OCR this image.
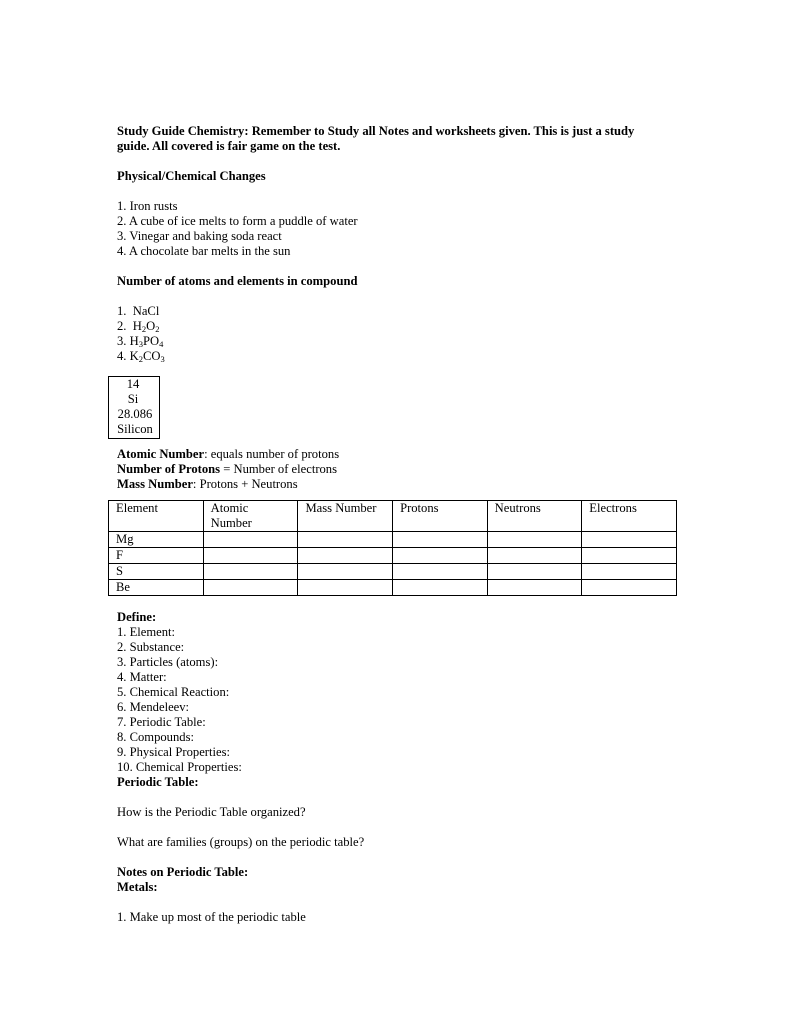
Study Guide Chemistry: Remember to Study all Notes and worksheets given. This is just a study

guide. All covered is fair game on the test.

Physical/Chemical Changes

1. Iron rusts

2. A cube of ice melts to form a puddle of water

3. Vinegar and baking soda react

4. A chocolate bar melts in the sun

Number of atoms and elements in compound

1.  NaCl

2.  $H_2O_2$

3. $H_3PO_4$

4. $K_2CO_3$

14
Si
28.086
Silicon

Atomic Number: equals number of protons

Number of Protons = Number of electrons

Mass Number: Protons + Neutrons

Element	Atomic Number	Mass Number	Protons	Neutrons	Electrons
Mg					
F					
S					
Be					

Define:

1. Element:

2. Substance:

3. Particles (atoms):

4. Matter:

5. Chemical Reaction:

6. Mendeleev:

7. Periodic Table:

8. Compounds:

9. Physical Properties:

10. Chemical Properties:

Periodic Table:

How is the Periodic Table organized?

What are families (groups) on the periodic table?

Notes on Periodic Table:

Metals:

1. Make up most of the periodic table
